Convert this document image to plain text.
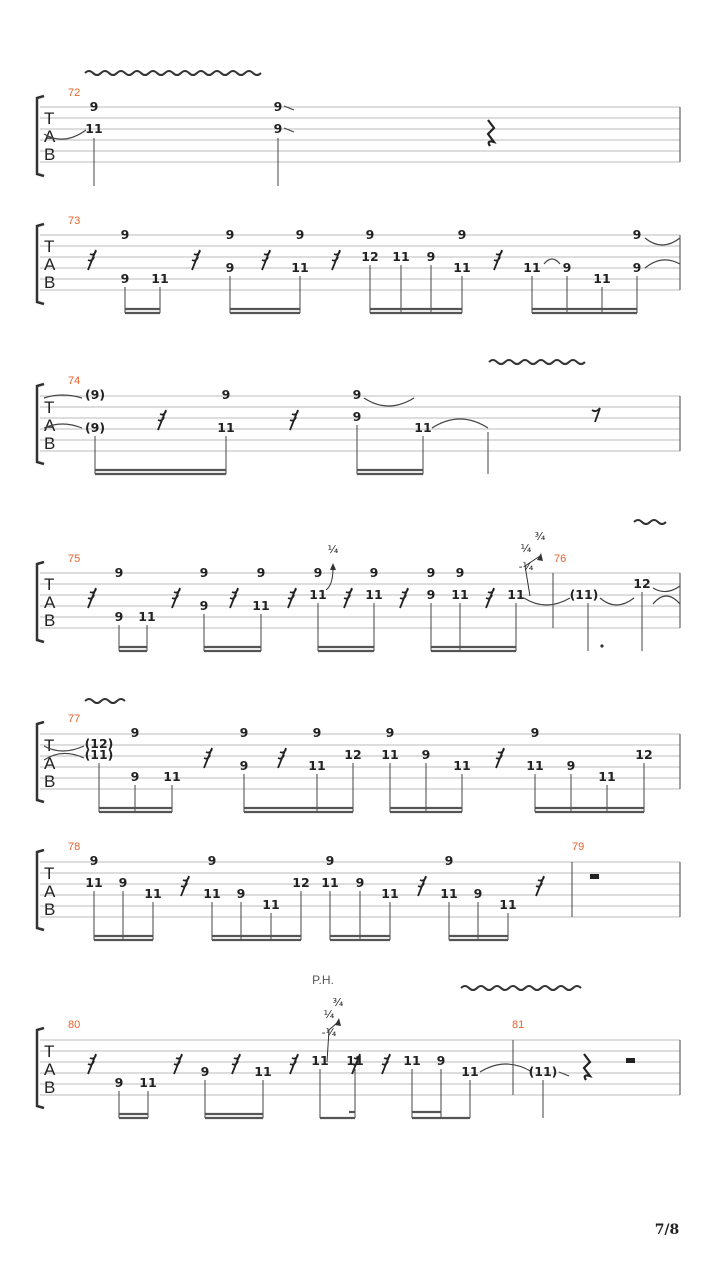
T
A
B
72
9
11
9
9
T
A
B
73
9
9 11
9
9
9
11
9
12 11 9
9
11	11 9
11
9
9
T
A
B
74
(9)
(9)
9
11
9
9
11
T
A
B
75	76
9
9 11
9
9
9
11
9
11
¼
9
11
9
9
9
11	11
¼
¾
-¼
(11)
12
T
A
B
77
(12)
(11)
9
9 11
9
9
9
11
12
9
11 9
11
9
11 9
11
12
T
A
B
78	79
9
11 9
11
9
11 9
11
12
9
11 9
11
9
11 9
11
P.H.
T
A
B
80	81
9 11
9	11
11
¼
¾
-¼
11	11 9
11	(11)
7/8
